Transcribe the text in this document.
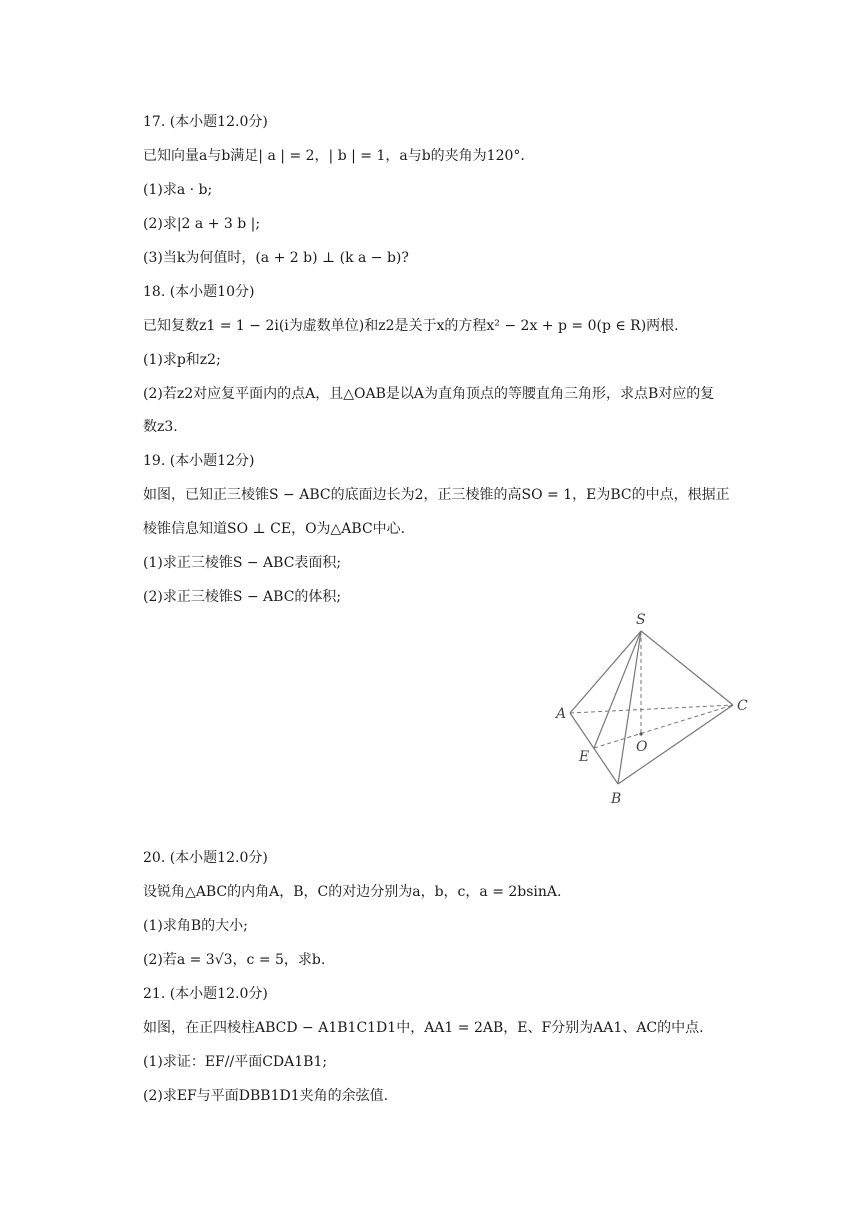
17. (本小题12.0分)
已知向量a与b满足| a | = 2，| b | = 1，a与b的夹角为120°.
(1)求a · b;
(2)求|2 a + 3 b |;
(3)当k为何值时，(a + 2 b) ⊥ (k a − b)?
18. (本小题10分)
已知复数z1 = 1 − 2i(i为虚数单位)和z2是关于x的方程x² − 2x + p = 0(p ∈ R)两根.
(1)求p和z2;
(2)若z2对应复平面内的点A，且△OAB是以A为直角顶点的等腰直角三角形，求点B对应的复
数z3.
19. (本小题12分)
如图，已知正三棱锥S − ABC的底面边长为2，正三棱锥的高SO = 1，E为BC的中点，根据正
棱锥信息知道SO ⊥ CE，O为△ABC中心.
(1)求正三棱锥S − ABC表面积;
(2)求正三棱锥S − ABC的体积;
S
A	C
E
O
B
20. (本小题12.0分)
设锐角△ABC的内角A，B，C的对边分别为a，b，c，a = 2bsinA.
(1)求角B的大小;
(2)若a = 3√3，c = 5，求b.
21. (本小题12.0分)
如图，在正四棱柱ABCD − A1B1C1D1中，AA1 = 2AB，E、F分别为AA1、AC的中点.
(1)求证：EF//平面CDA1B1;
(2)求EF与平面DBB1D1夹角的余弦值.
